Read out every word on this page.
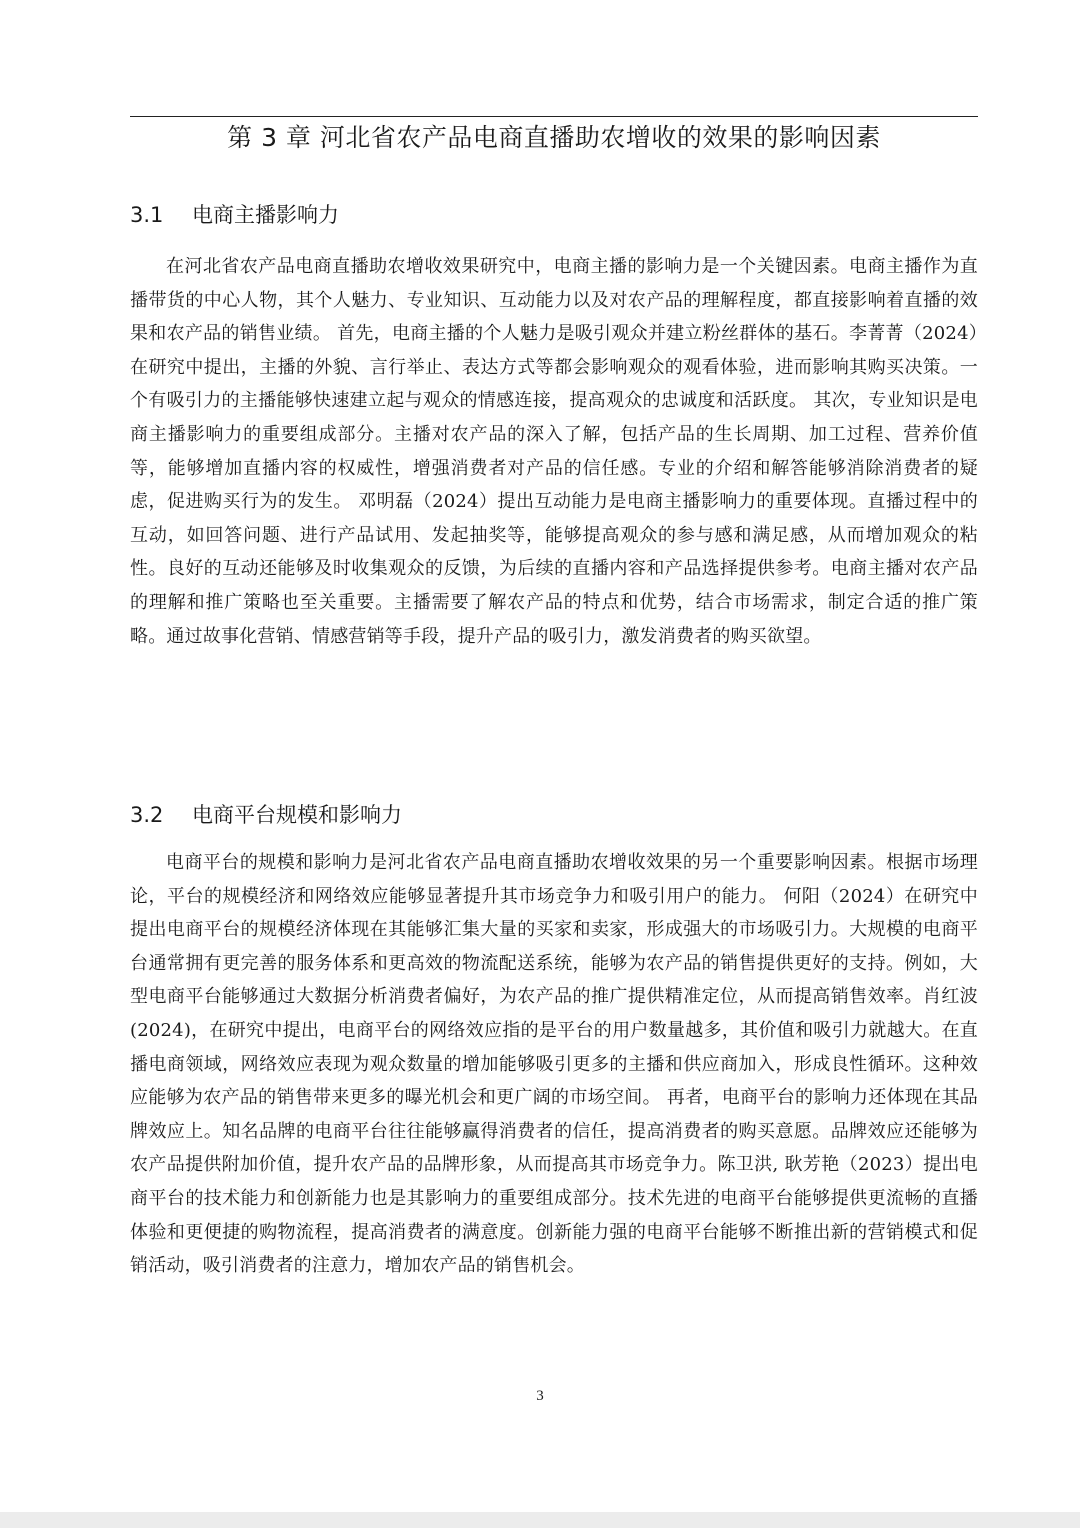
第 3 章 河北省农产品电商直播助农增收的效果的影响因素
3.1 电商主播影响力

在河北省农产品电商直播助农增收效果研究中，电商主播的影响力是一个关键因素。电商主播作为直播带货的中心人物，其个人魅力、专业知识、互动能力以及对农产品的理解程度，都直接影响着直播的效果和农产品的销售业绩。 首先，电商主播的个人魅力是吸引观众并建立粉丝群体的基石。李菁菁（2024）在研究中提出，主播的外貌、言行举止、表达方式等都会影响观众的观看体验，进而影响其购买决策。一个有吸引力的主播能够快速建立起与观众的情感连接，提高观众的忠诚度和活跃度。 其次，专业知识是电商主播影响力的重要组成部分。主播对农产品的深入了解，包括产品的生长周期、加工过程、营养价值等，能够增加直播内容的权威性，增强消费者对产品的信任感。专业的介绍和解答能够消除消费者的疑虑，促进购买行为的发生。 邓明磊（2024）提出互动能力是电商主播影响力的重要体现。直播过程中的互动，如回答问题、进行产品试用、发起抽奖等，能够提高观众的参与感和满足感，从而增加观众的粘性。良好的互动还能够及时收集观众的反馈，为后续的直播内容和产品选择提供参考。电商主播对农产品的理解和推广策略也至关重要。主播需要了解农产品的特点和优势，结合市场需求，制定合适的推广策略。通过故事化营销、情感营销等手段，提升产品的吸引力，激发消费者的购买欲望。

3.2 电商平台规模和影响力

电商平台的规模和影响力是河北省农产品电商直播助农增收效果的另一个重要影响因素。根据市场理论，平台的规模经济和网络效应能够显著提升其市场竞争力和吸引用户的能力。 何阳（2024）在研究中提出电商平台的规模经济体现在其能够汇集大量的买家和卖家，形成强大的市场吸引力。大规模的电商平台通常拥有更完善的服务体系和更高效的物流配送系统，能够为农产品的销售提供更好的支持。例如，大型电商平台能够通过大数据分析消费者偏好，为农产品的推广提供精准定位，从而提高销售效率。肖红波(2024)，在研究中提出，电商平台的网络效应指的是平台的用户数量越多，其价值和吸引力就越大。在直播电商领域，网络效应表现为观众数量的增加能够吸引更多的主播和供应商加入，形成良性循环。这种效应能够为农产品的销售带来更多的曝光机会和更广阔的市场空间。 再者，电商平台的影响力还体现在其品牌效应上。知名品牌的电商平台往往能够赢得消费者的信任，提高消费者的购买意愿。品牌效应还能够为农产品提供附加价值，提升农产品的品牌形象，从而提高其市场竞争力。陈卫洪, 耿芳艳（2023）提出电商平台的技术能力和创新能力也是其影响力的重要组成部分。技术先进的电商平台能够提供更流畅的直播体验和更便捷的购物流程，提高消费者的满意度。创新能力强的电商平台能够不断推出新的营销模式和促销活动，吸引消费者的注意力，增加农产品的销售机会。

3
